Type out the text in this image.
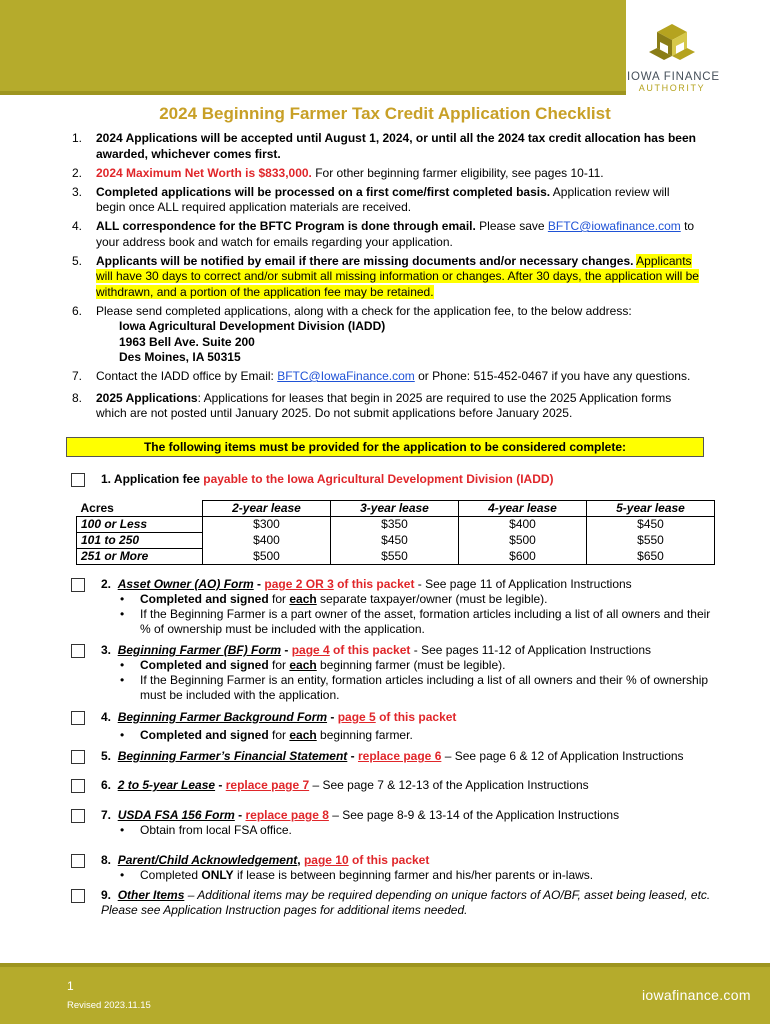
IOWA FINANCE
AUTHORITY
2024 Beginning Farmer Tax Credit Application Checklist
1. 2024 Applications will be accepted until August 1, 2024, or until all the 2024 tax credit allocation has been awarded, whichever comes first.
2. 2024 Maximum Net Worth is $833,000. For other beginning farmer eligibility, see pages 10-11.
3. Completed applications will be processed on a first come/first completed basis. Application review will begin once ALL required application materials are received.
4. ALL correspondence for the BFTC Program is done through email. Please save BFTC@iowafinance.com to your address book and watch for emails regarding your application.
5. Applicants will be notified by email if there are missing documents and/or necessary changes. Applicants will have 30 days to correct and/or submit all missing information or changes. After 30 days, the application will be withdrawn, and a portion of the application fee may be retained.
6. Please send completed applications, along with a check for the application fee, to the below address:
Iowa Agricultural Development Division (IADD)
1963 Bell Ave. Suite 200
Des Moines, IA 50315
7. Contact the IADD office by Email: BFTC@IowaFinance.com or Phone: 515-452-0467 if you have any questions.
8. 2025 Applications: Applications for leases that begin in 2025 are required to use the 2025 Application forms which are not posted until January 2025. Do not submit applications before January 2025.
The following items must be provided for the application to be considered complete:
1. Application fee payable to the Iowa Agricultural Development Division (IADD)
Acres	2-year lease	3-year lease	4-year lease	5-year lease
100 or Less	$300	$350	$400	$450
101 to 250	$400	$450	$500	$550
251 or More	$500	$550	$600	$650
2. Asset Owner (AO) Form - page 2 OR 3 of this packet - See page 11 of Application Instructions
• Completed and signed for each separate taxpayer/owner (must be legible).
• If the Beginning Farmer is a part owner of the asset, formation articles including a list of all owners and their % of ownership must be included with the application.
3. Beginning Farmer (BF) Form - page 4 of this packet - See pages 11-12 of Application Instructions
• Completed and signed for each beginning farmer (must be legible).
• If the Beginning Farmer is an entity, formation articles including a list of all owners and their % of ownership must be included with the application.
4. Beginning Farmer Background Form - page 5 of this packet
• Completed and signed for each beginning farmer.
5. Beginning Farmer’s Financial Statement - replace page 6 – See page 6 & 12 of Application Instructions
6. 2 to 5-year Lease - replace page 7 – See page 7 & 12-13 of the Application Instructions
7. USDA FSA 156 Form - replace page 8 – See page 8-9 & 13-14 of the Application Instructions
• Obtain from local FSA office.
8. Parent/Child Acknowledgement, page 10 of this packet
• Completed ONLY if lease is between beginning farmer and his/her parents or in-laws.
9. Other Items – Additional items may be required depending on unique factors of AO/BF, asset being leased, etc. Please see Application Instruction pages for additional items needed.
1
Revised 2023.11.15
iowafinance.com
